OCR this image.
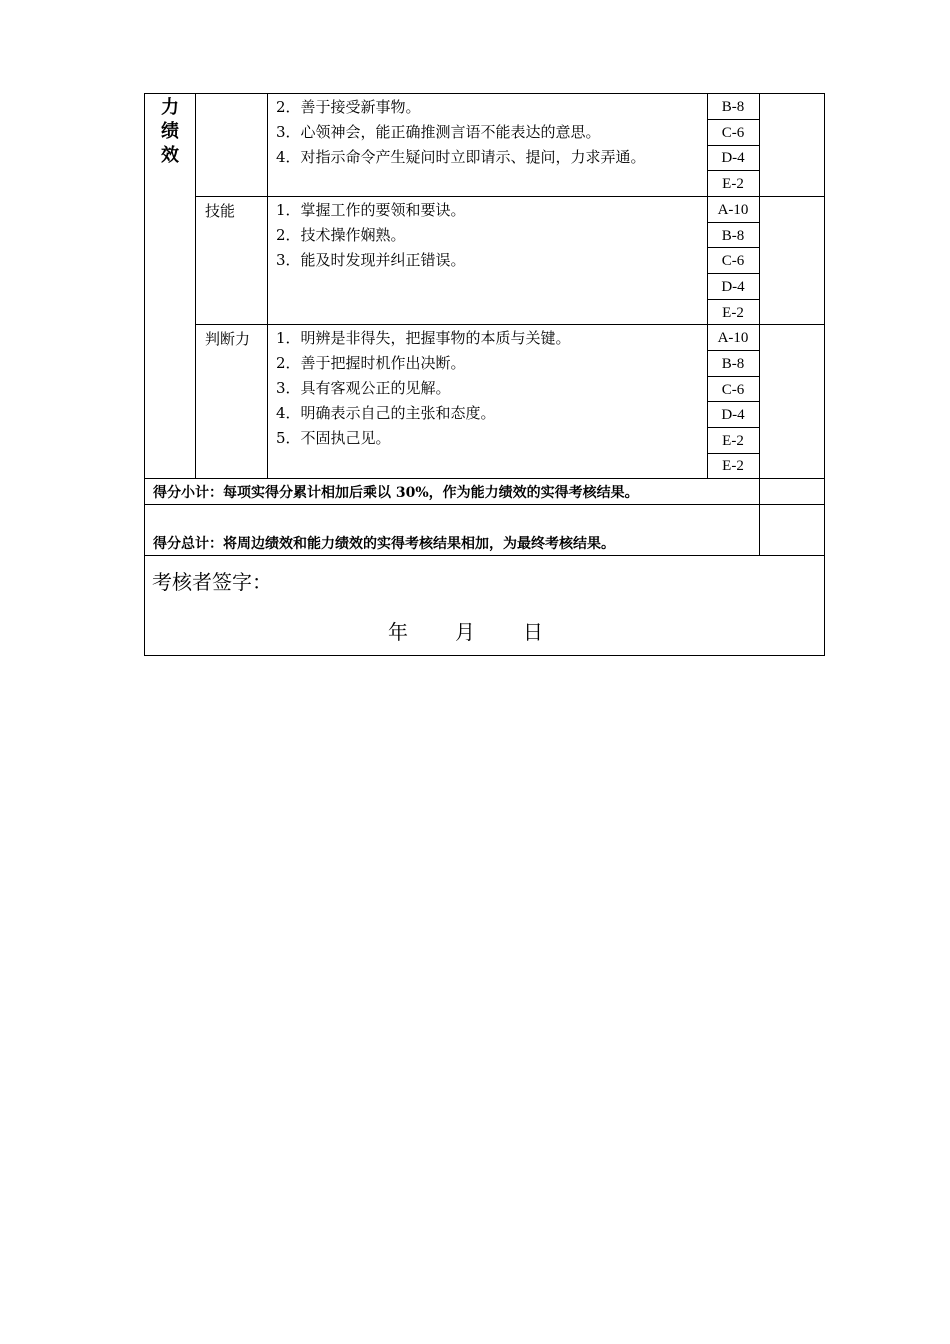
力
绩
效
2．善于接受新事物。
3．心领神会，能正确推测言语不能表达的意思。
4．对指示命令产生疑问时立即请示、提问，力求弄通。
B-8
C-6
D-4
E-2
技能	1．掌握工作的要领和要诀。
2．技术操作娴熟。
3．能及时发现并纠正错误。
A-10
B-8
C-6
D-4
E-2
判断力 1．明辨是非得失，把握事物的本质与关键。
2．善于把握时机作出决断。
3．具有客观公正的见解。
4．明确表示自己的主张和态度。
5．不固执己见。
A-10
B-8
C-6
D-4
E-2
E-2
得分小计：每项实得分累计相加后乘以 30%，作为能力绩效的实得考核结果。
得分总计：将周边绩效和能力绩效的实得考核结果相加，为最终考核结果。
考核者签字：
年 月 日
